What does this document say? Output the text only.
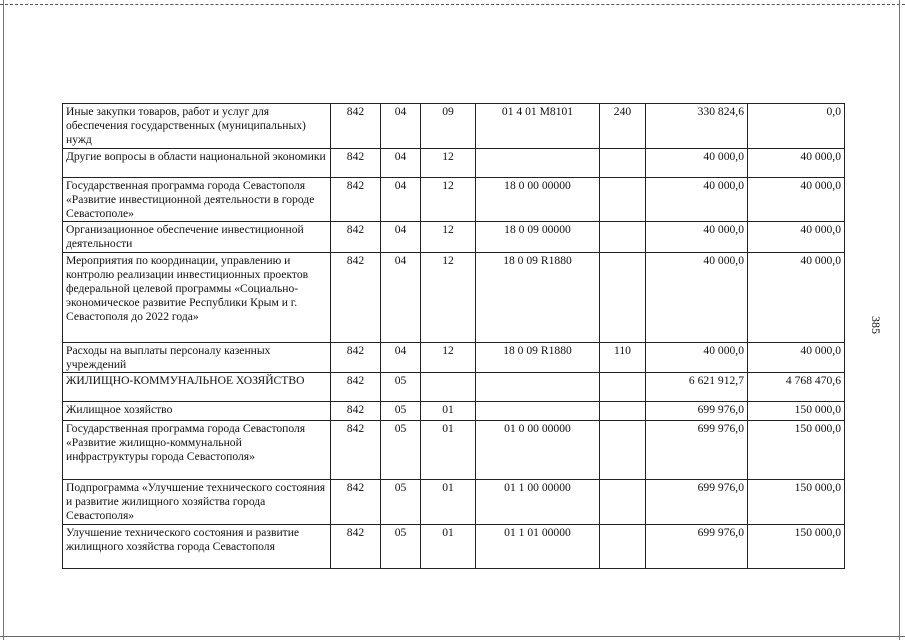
Иные закупки товаров, работ и услуг для обеспечения государственных (муниципальных) нужд	842	04	09	01 4 01 M8101	240	330 824,6	0,0
Другие вопросы в области национальной экономики	842	04	12			40 000,0	40 000,0
Государственная программа города Севастополя «Развитие инвестиционной деятельности в городе Севастополе»	842	04	12	18 0 00 00000		40 000,0	40 000,0
Организационное обеспечение инвестиционной деятельности	842	04	12	18 0 09 00000		40 000,0	40 000,0
Мероприятия по координации, управлению и контролю реализации инвестиционных проектов федеральной целевой программы «Социально-экономическое развитие Республики Крым и г. Севастополя до 2022 года»	842	04	12	18 0 09 R1880		40 000,0	40 000,0
Расходы на выплаты персоналу казенных учреждений	842	04	12	18 0 09 R1880	110	40 000,0	40 000,0
ЖИЛИЩНО-КОММУНАЛЬНОЕ ХОЗЯЙСТВО	842	05				6 621 912,7	4 768 470,6
Жилищное хозяйство	842	05	01			699 976,0	150 000,0
Государственная программа города Севастополя «Развитие жилищно-коммунальной инфраструктуры города Севастополя»	842	05	01	01 0 00 00000		699 976,0	150 000,0
Подпрограмма «Улучшение технического состояния и развитие жилищного хозяйства города Севастополя»	842	05	01	01 1 00 00000		699 976,0	150 000,0
Улучшение технического состояния и развитие жилищного хозяйства города Севастополя	842	05	01	01 1 01 00000		699 976,0	150 000,0
385
